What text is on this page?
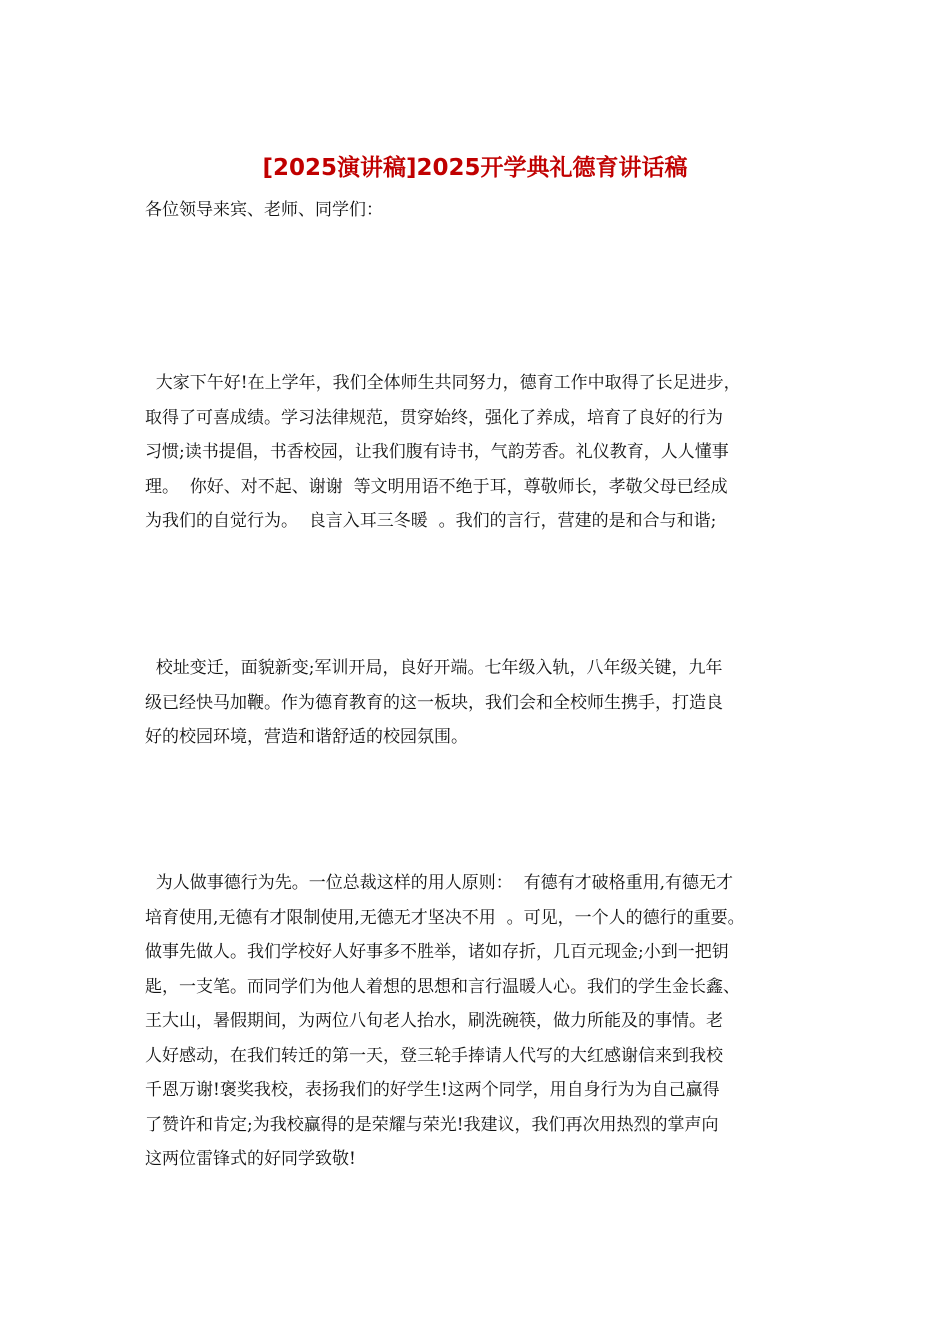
[2025演讲稿]2025开学典礼德育讲话稿

各位领导来宾、老师、同学们：

大家下午好!在上学年，我们全体师生共同努力，德育工作中取得了长足进步，
取得了可喜成绩。学习法律规范，贯穿始终，强化了养成，培育了良好的行为
习惯;读书提倡，书香校园，让我们腹有诗书，气韵芳香。礼仪教育，人人懂事
理。  你好、对不起、谢谢  等文明用语不绝于耳，尊敬师长，孝敬父母已经成
为我们的自觉行为。  良言入耳三冬暖  。我们的言行，营建的是和合与和谐;
校址变迁，面貌新变;军训开局，良好开端。七年级入轨，八年级关键，九年
级已经快马加鞭。作为德育教育的这一板块，我们会和全校师生携手，打造良
好的校园环境，营造和谐舒适的校园氛围。
为人做事德行为先。一位总裁这样的用人原则：  有德有才破格重用,有德无才
培育使用,无德有才限制使用,无德无才坚决不用  。可见，一个人的德行的重要。
做事先做人。我们学校好人好事多不胜举，诸如存折，几百元现金;小到一把钥
匙，一支笔。而同学们为他人着想的思想和言行温暖人心。我们的学生金长鑫、
王大山，暑假期间，为两位八旬老人抬水，刷洗碗筷，做力所能及的事情。老
人好感动，在我们转迁的第一天，登三轮手捧请人代写的大红感谢信来到我校
千恩万谢!褒奖我校，表扬我们的好学生!这两个同学，用自身行为为自己赢得
了赞许和肯定;为我校赢得的是荣耀与荣光!我建议，我们再次用热烈的掌声向
这两位雷锋式的好同学致敬!
